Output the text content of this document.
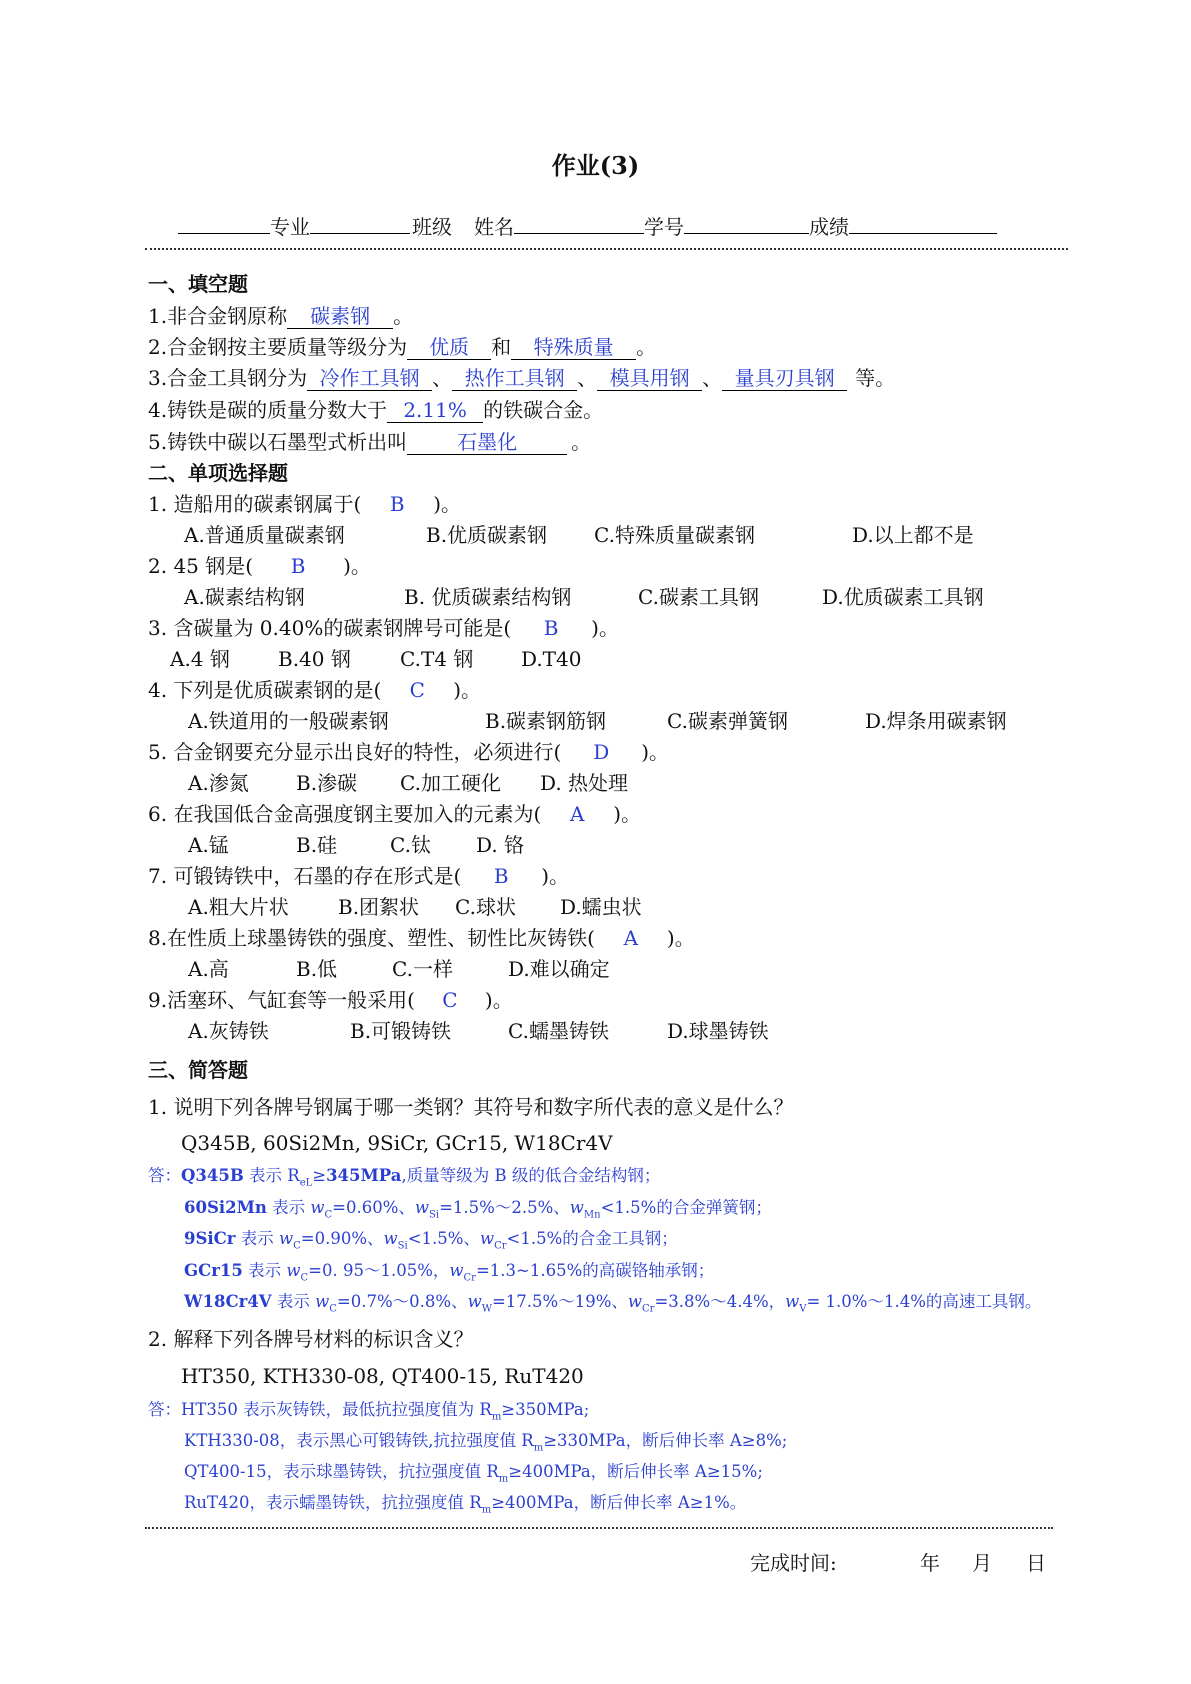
作业(3)
专业	班级 姓名	学号	成绩
一、填空题
1.非合金钢原称 碳素钢 。
2.合金钢按主要质量等级分为 优质 和 特殊质量 。
3.合金工具钢分为 冷作工具钢 、 热作工具钢 、 模具用钢 、 量具刃具钢 等。
4.铸铁是碳的质量分数大于 2.11% 的铁碳合金。
5.铸铁中碳以石墨型式析出叫	石墨化	。
二、单项选择题
1. 造船用的碳素钢属于( B )。
A.普通质量碳素钢	B.优质碳素钢 C.特殊质量碳素钢	D.以上都不是
2. 45 钢是( B )。
A.碳素结构钢	B. 优质碳素结构钢	C.碳素工具钢	D.优质碳素工具钢
3. 含碳量为 0.40%的碳素钢牌号可能是( B )。
A.4 钢 B.40 钢 C.T4 钢 D.T40
4. 下列是优质碳素钢的是( C )。
A.铁道用的一般碳素钢	B.碳素钢筋钢	C.碳素弹簧钢	D.焊条用碳素钢
5. 合金钢要充分显示出良好的特性，必须进行( D )。
A.渗氮 B.渗碳 C.加工硬化 D. 热处理
6. 在我国低合金高强度钢主要加入的元素为( A )。
A.锰	B.硅	C.钛 D. 铬
7. 可锻铸铁中，石墨的存在形式是( B )。
A.粗大片状 B.团絮状 C.球状 D.蠕虫状
8.在性质上球墨铸铁的强度、塑性、韧性比灰铸铁( A )。
A.高	B.低	C.一样	D.难以确定
9.活塞环、气缸套等一般采用( C )。
A.灰铸铁	B.可锻铸铁	C.蠕墨铸铁	D.球墨铸铁
三、简答题
1. 说明下列各牌号钢属于哪一类钢？其符号和数字所代表的意义是什么？
Q345B, 60Si2Mn, 9SiCr, GCr15, W18Cr4V
答：Q345B 表示 $R_{eL}\ge 345MPa$,质量等级为 B 级的低合金结构钢；
60Si2Mn 表示 $w_C=0.60\%$、$w_{Si}=1.5\%\sim 2.5\%$、$w_{Mn}<1.5\%$的合金弹簧钢；
9SiCr 表示 $w_C=0.90\%$、$w_{Si}<1.5\%$、$w_{Cr}<1.5\%$的合金工具钢；
GCr15 表示 $w_C=0$. 95～1.05%，$w_{Cr}=1.3\sim 1.65\%$的高碳铬轴承钢；
W18Cr4V 表示 $w_C=0.7\%\sim 0.8\%$、$w_W=17.5\%\sim 19\%$、$w_{Cr}=3.8\%\sim 4.4\%$，$w_V=$ 1.0%～1.4%的高速工具钢。
2. 解释下列各牌号材料的标识含义？
HT350, KTH330-08, QT400-15, RuT420
答：HT350 表示灰铸铁，最低抗拉强度值为 $R_m\ge 350MPa$;
KTH330-08，表示黑心可锻铸铁,抗拉强度值 $R_m\ge 330MPa$，断后伸长率 A≥8%;
QT400-15，表示球墨铸铁，抗拉强度值 $R_m\ge 400MPa$，断后伸长率 A≥15%;
RuT420，表示蠕墨铸铁，抗拉强度值 $R_m\ge 400MPa$，断后伸长率 A≥1%。
完成时间:	年 月 日
